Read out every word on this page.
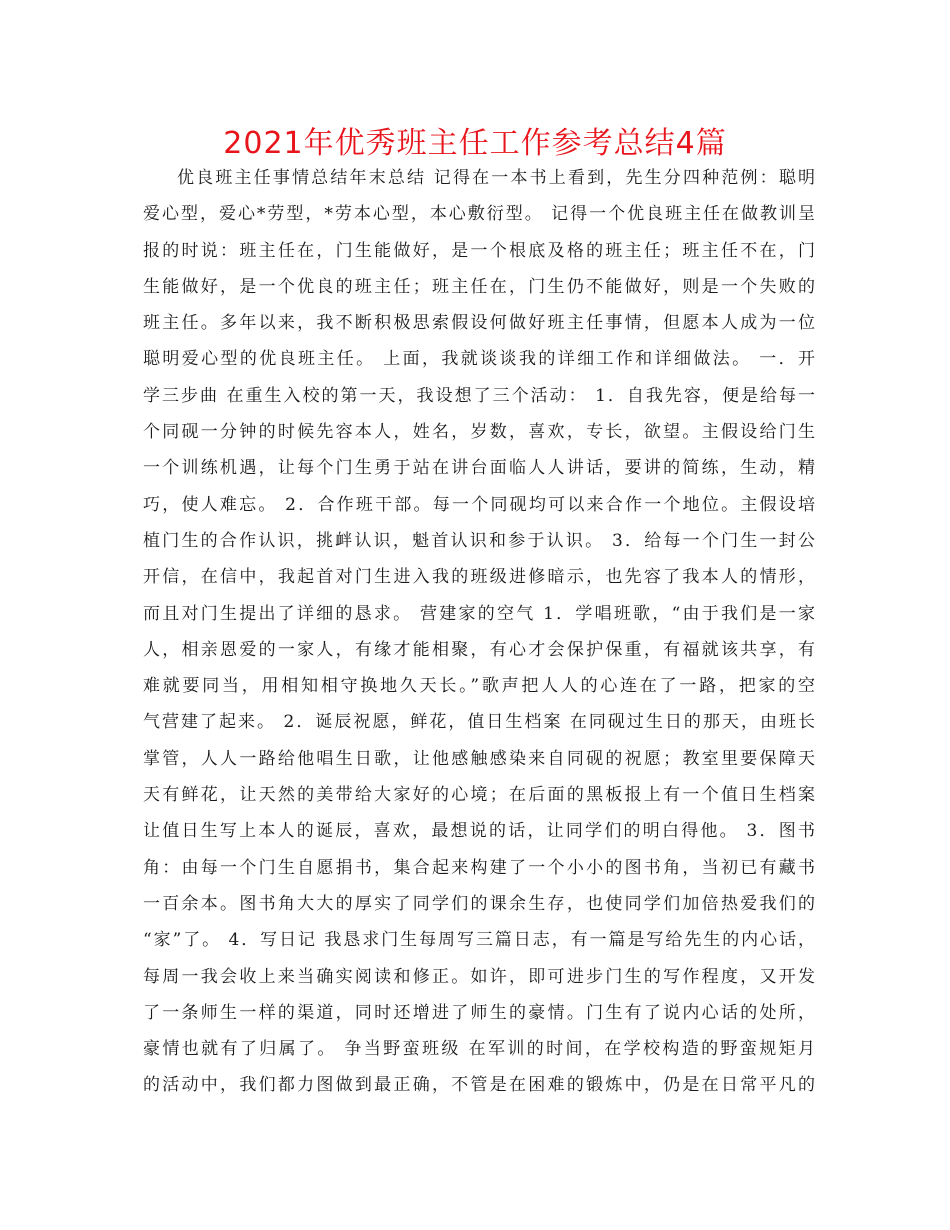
2021年优秀班主任工作参考总结4篇
优良班主任事情总结年末总结 记得在一本书上看到，先生分四种范例：聪明
爱心型，爱心*劳型，*劳本心型，本心敷衍型。 记得一个优良班主任在做教训呈
报的时说：班主任在，门生能做好，是一个根底及格的班主任；班主任不在，门
生能做好，是一个优良的班主任；班主任在，门生仍不能做好，则是一个失败的
班主任。多年以来，我不断积极思索假设何做好班主任事情，但愿本人成为一位
聪明爱心型的优良班主任。 上面，我就谈谈我的详细工作和详细做法。 一．开
学三步曲 在重生入校的第一天，我设想了三个活动： 1．自我先容，便是给每一
个同砚一分钟的时候先容本人，姓名，岁数，喜欢，专长，欲望。主假设给门生
一个训练机遇，让每个门生勇于站在讲台面临人人讲话，要讲的简练，生动，精
巧，使人难忘。 2．合作班干部。每一个同砚均可以来合作一个地位。主假设培
植门生的合作认识，挑衅认识，魁首认识和参于认识。 3．给每一个门生一封公
开信，在信中，我起首对门生进入我的班级进修暗示，也先容了我本人的情形，
而且对门生提出了详细的恳求。 营建家的空气 1．学唱班歌，“由于我们是一家
人，相亲恩爱的一家人，有缘才能相聚，有心才会保护保重，有福就该共享，有
难就要同当，用相知相守换地久天长。”歌声把人人的心连在了一路，把家的空
气营建了起来。 2．诞辰祝愿，鲜花，值日生档案 在同砚过生日的那天，由班长
掌管，人人一路给他唱生日歌，让他感触感染来自同砚的祝愿；教室里要保障天
天有鲜花，让天然的美带给大家好的心境；在后面的黑板报上有一个值日生档案
让值日生写上本人的诞辰，喜欢，最想说的话，让同学们的明白得他。 3．图书
角：由每一个门生自愿捐书，集合起来构建了一个小小的图书角，当初已有藏书
一百余本。图书角大大的厚实了同学们的课余生存，也使同学们加倍热爱我们的
“家”了。 4．写日记 我恳求门生每周写三篇日志，有一篇是写给先生的内心话，
每周一我会收上来当确实阅读和修正。如许，即可进步门生的写作程度，又开发
了一条师生一样的渠道，同时还增进了师生的豪情。门生有了说内心话的处所，
豪情也就有了归属了。 争当野蛮班级 在军训的时间，在学校构造的野蛮规矩月
的活动中，我们都力图做到最正确，不管是在困难的锻炼中，仍是在日常平凡的
